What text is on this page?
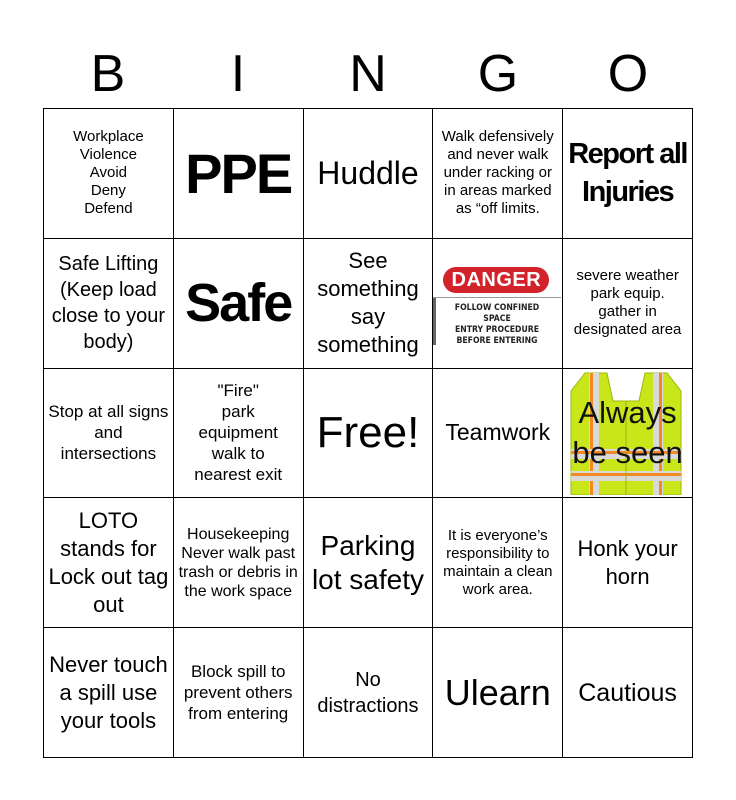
B	I	N	G	O
Workplace
Violence
Avoid
Deny
Defend
PPE Huddle
Walk defensively and never walk under racking or in areas marked as “off limits.
Report all Injuries
Safe Lifting (Keep load close to your body)
Safe
See something say something
DANGER
FOLLOW CONFINED SPACE
ENTRY PROCEDURE
BEFORE ENTERING
severe weather park equip. gather in designated area
Stop at all signs and intersections
"Fire"
park
equipment
walk to
nearest exit
Free! Teamwork
Always be seen
LOTO stands for Lock out tag out
Housekeeping Never walk past trash or debris in the work space
Parking lot safety
It is everyone’s responsibility to maintain a clean work area.
Honk your horn
Never touch a spill use your tools
Block spill to prevent others from entering
No distractions Ulearn Cautious
